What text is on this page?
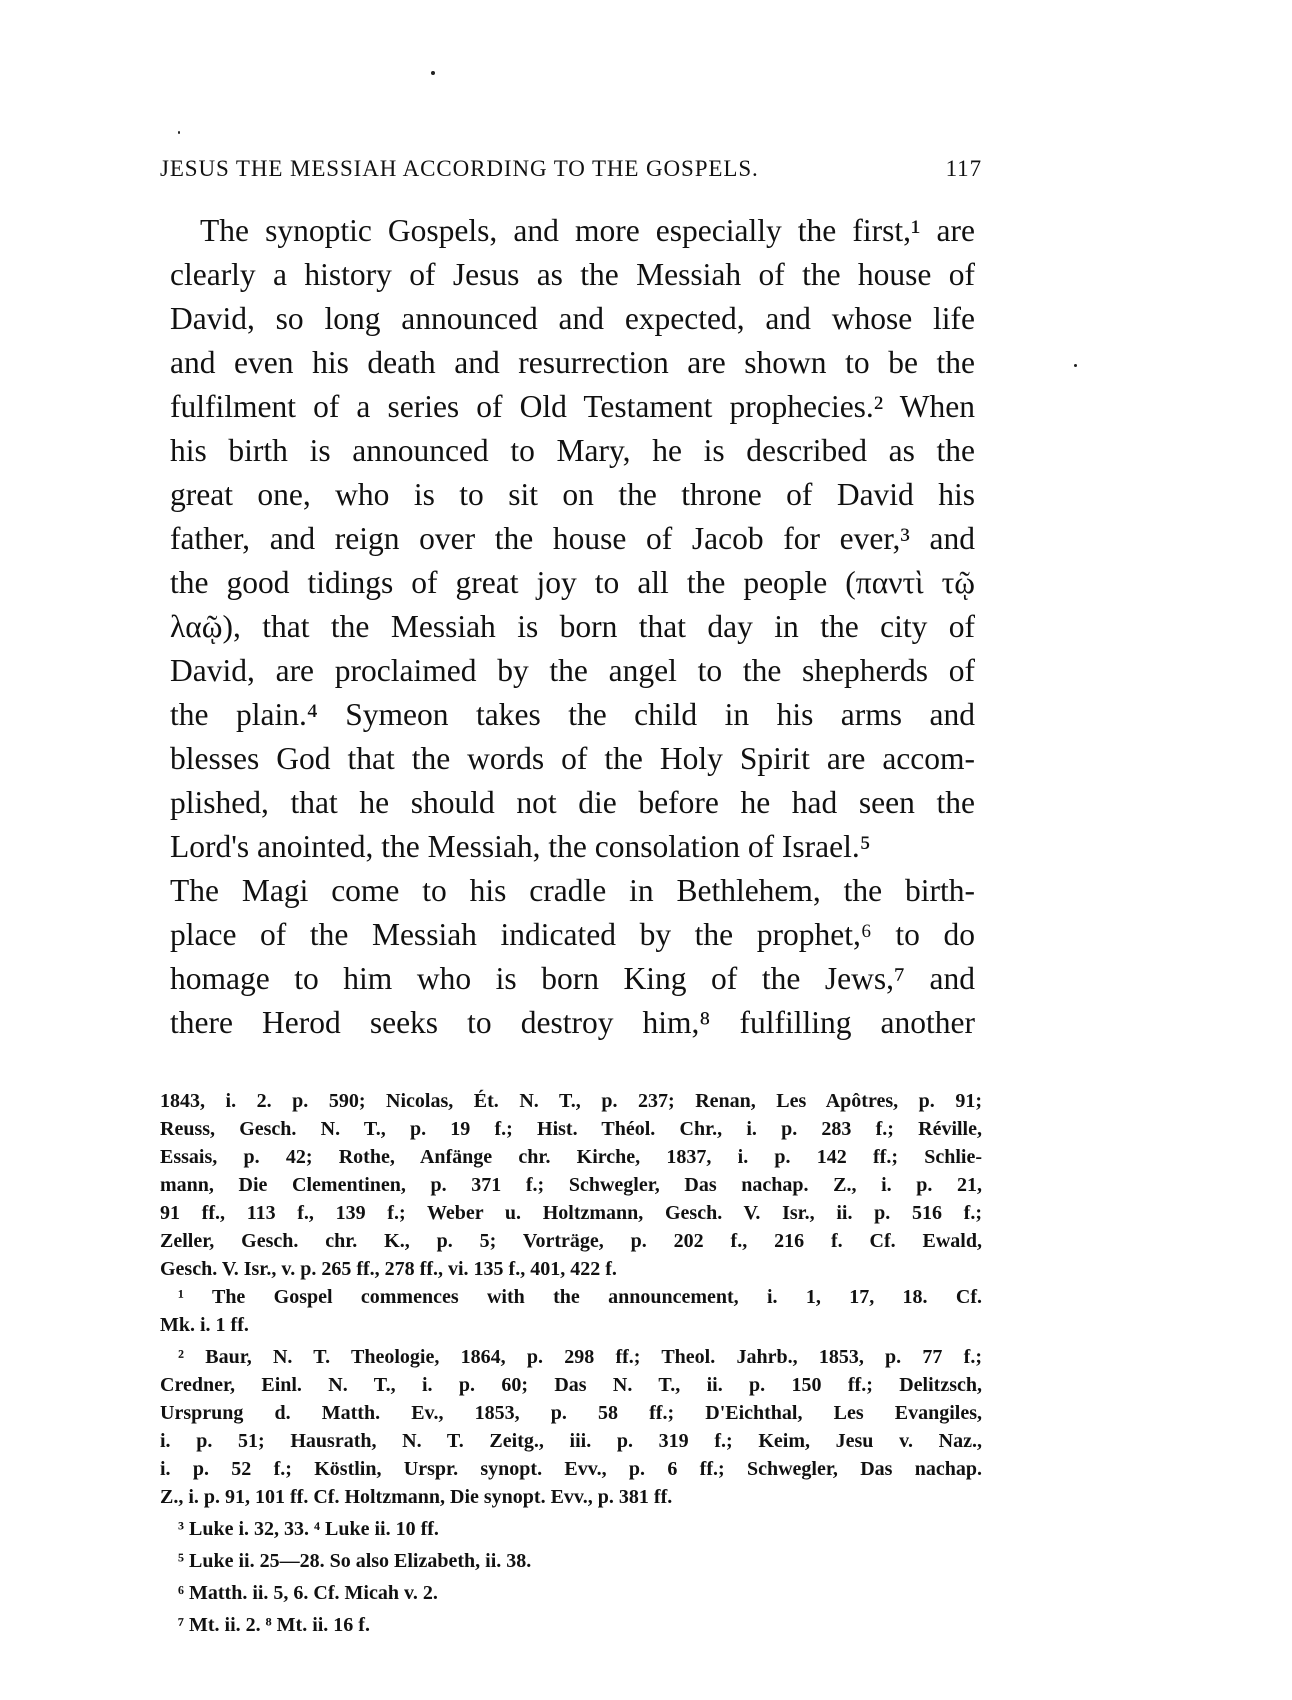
JESUS THE MESSIAH ACCORDING TO THE GOSPELS.	117
The synoptic Gospels, and more especially the first,¹ are
clearly a history of Jesus as the Messiah of the house of
David, so long announced and expected, and whose life
and even his death and resurrection are shown to be the
fulfilment of a series of Old Testament prophecies.² When
his birth is announced to Mary, he is described as the
great one, who is to sit on the throne of David his
father, and reign over the house of Jacob for ever,³ and
the good tidings of great joy to all the people (παντὶ τῷ
λαῷ), that the Messiah is born that day in the city of
David, are proclaimed by the angel to the shepherds of
the plain.⁴ Symeon takes the child in his arms and
blesses God that the words of the Holy Spirit are accom-
plished, that he should not die before he had seen the
Lord's anointed, the Messiah, the consolation of Israel.⁵
The Magi come to his cradle in Bethlehem, the birth-
place of the Messiah indicated by the prophet,⁶ to do
homage to him who is born King of the Jews,⁷ and
there Herod seeks to destroy him,⁸ fulfilling another
1843, i. 2. p. 590; Nicolas, Ét. N. T., p. 237; Renan, Les Apôtres, p. 91;
Reuss, Gesch. N. T., p. 19 f.; Hist. Théol. Chr., i. p. 283 f.; Réville,
Essais, p. 42; Rothe, Anfänge chr. Kirche, 1837, i. p. 142 ff.; Schlie-
mann, Die Clementinen, p. 371 f.; Schwegler, Das nachap. Z., i. p. 21,
91 ff., 113 f., 139 f.; Weber u. Holtzmann, Gesch. V. Isr., ii. p. 516 f.;
Zeller, Gesch. chr. K., p. 5; Vorträge, p. 202 f., 216 f. Cf. Ewald,
Gesch. V. Isr., v. p. 265 ff., 278 ff., vi. 135 f., 401, 422 f.
¹ The Gospel commences with the announcement, i. 1, 17, 18. Cf.
Mk. i. 1 ff.
² Baur, N. T. Theologie, 1864, p. 298 ff.; Theol. Jahrb., 1853, p. 77 f.;
Credner, Einl. N. T., i. p. 60; Das N. T., ii. p. 150 ff.; Delitzsch,
Ursprung d. Matth. Ev., 1853, p. 58 ff.; D'Eichthal, Les Evangiles,
i. p. 51; Hausrath, N. T. Zeitg., iii. p. 319 f.; Keim, Jesu v. Naz.,
i. p. 52 f.; Köstlin, Urspr. synopt. Evv., p. 6 ff.; Schwegler, Das nachap.
Z., i. p. 91, 101 ff. Cf. Holtzmann, Die synopt. Evv., p. 381 ff.
³ Luke i. 32, 33. ⁴ Luke ii. 10 ff.
⁵ Luke ii. 25—28. So also Elizabeth, ii. 38.
⁶ Matth. ii. 5, 6. Cf. Micah v. 2.
⁷ Mt. ii. 2. ⁸ Mt. ii. 16 f.
